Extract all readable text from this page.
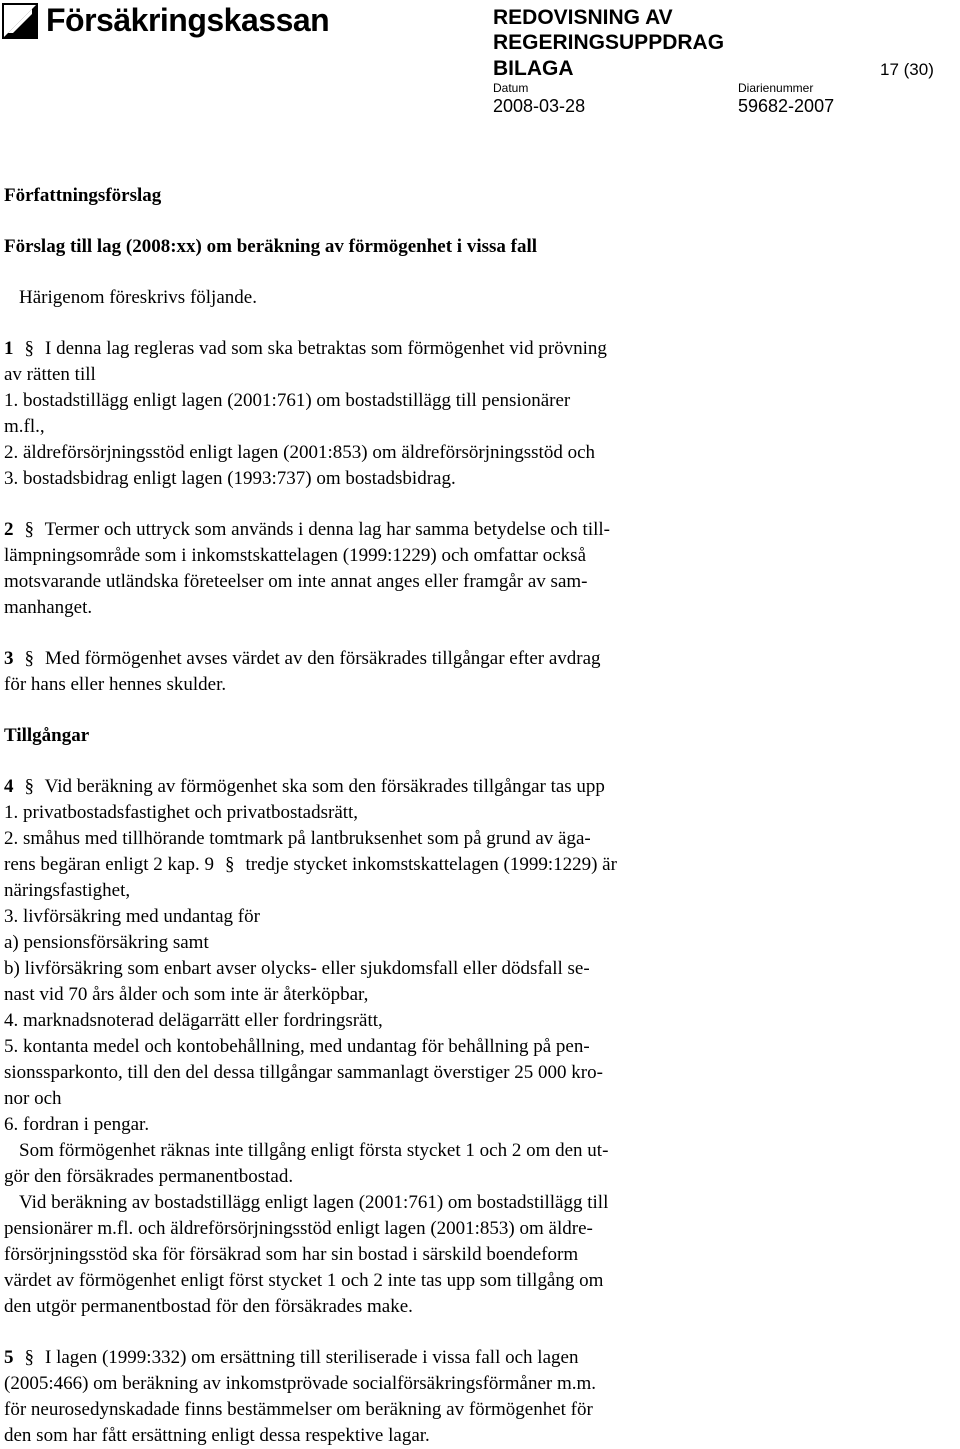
Försäkringskassan	REDOVISNING AV
REGERINGSUPPDRAG
BILAGA	17 (30)
Datum	Diarienummer
2008-03-28	59682-2007

Författningsförslag

Förslag till lag (2008:xx) om beräkning av förmögenhet i vissa fall

Härigenom föreskrivs följande.

1 § I denna lag regleras vad som ska betraktas som förmögenhet vid prövning

av rätten till

1. bostadstillägg enligt lagen (2001:761) om bostadstillägg till pensionärer

m.fl.,

2. äldreförsörjningsstöd enligt lagen (2001:853) om äldreförsörjningsstöd och

3. bostadsbidrag enligt lagen (1993:737) om bostadsbidrag.

2 § Termer och uttryck som används i denna lag har samma betydelse och till-

lämpningsområde som i inkomstskattelagen (1999:1229) och omfattar också

motsvarande utländska företeelser om inte annat anges eller framgår av sam-

manhanget.

3 § Med förmögenhet avses värdet av den försäkrades tillgångar efter avdrag

för hans eller hennes skulder.

Tillgångar

4 § Vid beräkning av förmögenhet ska som den försäkrades tillgångar tas upp

1. privatbostadsfastighet och privatbostadsrätt,

2. småhus med tillhörande tomtmark på lantbruksenhet som på grund av äga-

rens begäran enligt 2 kap. 9 § tredje stycket inkomstskattelagen (1999:1229) är

näringsfastighet,

3. livförsäkring med undantag för

a) pensionsförsäkring samt

b) livförsäkring som enbart avser olycks- eller sjukdomsfall eller dödsfall se-

nast vid 70 års ålder och som inte är återköpbar,

4. marknadsnoterad delägarrätt eller fordringsrätt,

5. kontanta medel och kontobehållning, med undantag för behållning på pen-

sionssparkonto, till den del dessa tillgångar sammanlagt överstiger 25 000 kro-

nor och

6. fordran i pengar.

Som förmögenhet räknas inte tillgång enligt första stycket 1 och 2 om den ut-

gör den försäkrades permanentbostad.

Vid beräkning av bostadstillägg enligt lagen (2001:761) om bostadstillägg till

pensionärer m.fl. och äldreförsörjningsstöd enligt lagen (2001:853) om äldre-

försörjningsstöd ska för försäkrad som har sin bostad i särskild boendeform

värdet av förmögenhet enligt först stycket 1 och 2 inte tas upp som tillgång om

den utgör permanentbostad för den försäkrades make.

5 § I lagen (1999:332) om ersättning till steriliserade i vissa fall och lagen

(2005:466) om beräkning av inkomstprövade socialförsäkringsförmåner m.m.

för neurosedynskadade finns bestämmelser om beräkning av förmögenhet för

den som har fått ersättning enligt dessa respektive lagar.
